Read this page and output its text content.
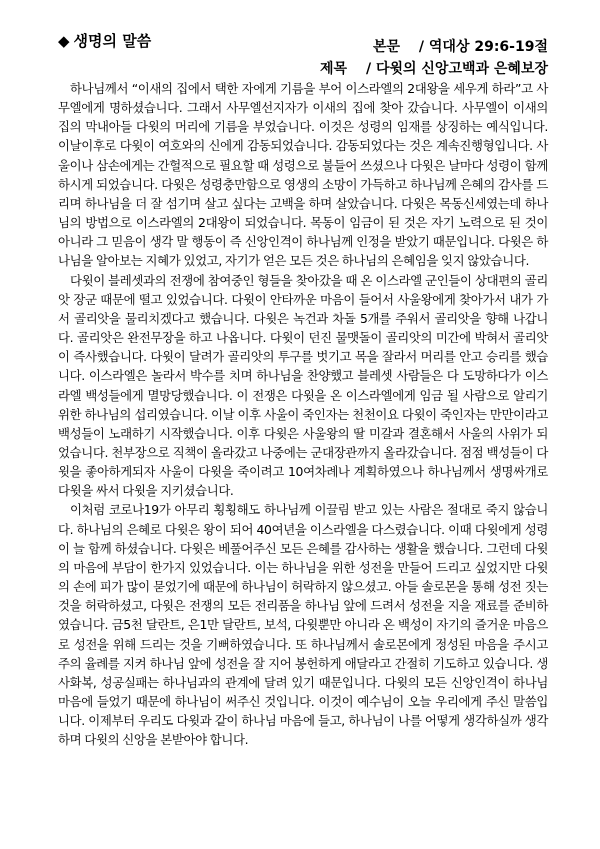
◆ 생명의 말씀	본문 / 역대상 29:6-19절
제목 / 다윗의 신앙고백과 은혜보장

하나님께서 “이새의 집에서 택한 자에게 기름을 부어 이스라엘의 2대왕을 세우게 하라”고 사무엘에게 명하셨습니다. 그래서 사무엘선지자가 이새의 집에 찾아 갔습니다. 사무엘이 이새의 집의 막내아들 다윗의 머리에 기름을 부었습니다. 이것은 성령의 임재를 상징하는 예식입니다. 이날이후로 다윗이 여호와의 신에게 감동되었습니다. 감동되었다는 것은 계속진행형입니다. 사울이나 삼손에게는 간헐적으로 필요할 때 성령으로 불들어 쓰셨으나 다윗은 날마다 성령이 함께하시게 되었습니다. 다윗은 성령충만함으로 영생의 소망이 가득하고 하나님께 은혜의 감사를 드리며 하나님을 더 잘 섬기며 살고 싶다는 고백을 하며 살았습니다. 다윗은 목동신세였는데 하나님의 방법으로 이스라엘의 2대왕이 되었습니다. 목동이 임금이 된 것은 자기 노력으로 된 것이 아니라 그 믿음이 생각 말 행동이 즉 신앙인격이 하나님께 인정을 받았기 때문입니다. 다윗은 하나님을 알아보는 지혜가 있었고, 자기가 얻은 모든 것은 하나님의 은혜임을 잊지 않았습니다.

다윗이 블레셋과의 전쟁에 참여중인 형들을 찾아갔을 때 온 이스라엘 군인들이 상대편의 골리앗 장군 때문에 떨고 있었습니다. 다윗이 안타까운 마음이 들어서 사울왕에게 찾아가서 내가 가서 골리앗을 물리치겠다고 했습니다. 다윗은 녹건과 차돌 5개를 주워서 골리앗을 향해 나갑니다. 골리앗은 완전무장을 하고 나옵니다. 다윗이 던진 물맷돌이 골리앗의 미간에 박혀서 골리앗이 즉사했습니다. 다윗이 달려가 골리앗의 투구를 벗기고 목을 잘라서 머리를 안고 승리를 했습니다. 이스라엘은 놀라서 박수를 치며 하나님을 찬양했고 블레셋 사람들은 다 도망하다가 이스라엘 백성들에게 멸망당했습니다. 이 전쟁은 다윗을 온 이스라엘에게 임금 될 사람으로 알리기 위한 하나님의 섭리였습니다. 이날 이후 사울이 죽인자는 천천이요 다윗이 죽인자는 만만이라고 백성들이 노래하기 시작했습니다. 이후 다윗은 사울왕의 딸 미갈과 결혼해서 사울의 사위가 되었습니다. 천부장으로 직책이 올라갔고 나중에는 군대장관까지 올라갔습니다. 점점 백성들이 다윗을 좋아하게되자 사울이 다윗을 죽이려고 10여차례나 계획하였으나 하나님께서 생명싸개로 다윗을 싸서 다윗을 지키셨습니다.

이처럼 코로나19가 아무리 횡횡해도 하나님께 이끌림 받고 있는 사람은 절대로 죽지 않습니다. 하나님의 은혜로 다윗은 왕이 되어 40여년을 이스라엘을 다스렸습니다. 이때 다윗에게 성령이 늘 함께 하셨습니다. 다윗은 베풀어주신 모든 은혜를 감사하는 생활을 했습니다. 그런데 다윗의 마음에 부담이 한가지 있었습니다. 이는 하나님을 위한 성전을 만들어 드리고 싶었지만 다윗의 손에 피가 많이 묻었기에 때문에 하나님이 허락하지 않으셨고. 아들 솔로몬을 통해 성전 짓는 것을 허락하셨고, 다윗은 전쟁의 모든 전리품을 하나님 앞에 드려서 성전을 지을 재료를 준비하였습니다. 금5천 달란트, 은1만 달란트, 보석, 다윗뿐만 아니라 온 백성이 자기의 즐거운 마음으로 성전을 위해 드리는 것을 기뻐하였습니다. 또 하나님께서 솔로몬에게 정성된 마음을 주시고 주의 율례를 지켜 하나님 앞에 성전을 잘 지어 봉헌하게 애달라고 간절히 기도하고 있습니다. 생사화복, 성공실패는 하나님과의 관계에 달려 있기 때문입니다. 다윗의 모든 신앙인격이 하나님 마음에 들었기 때문에 하나님이 써주신 것입니다. 이것이 예수님이 오늘 우리에게 주신 말씀입니다. 이제부터 우리도 다윗과 같이 하나님 마음에 들고, 하나님이 나를 어떻게 생각하실까 생각하며 다윗의 신앙을 본받아야 합니다.
